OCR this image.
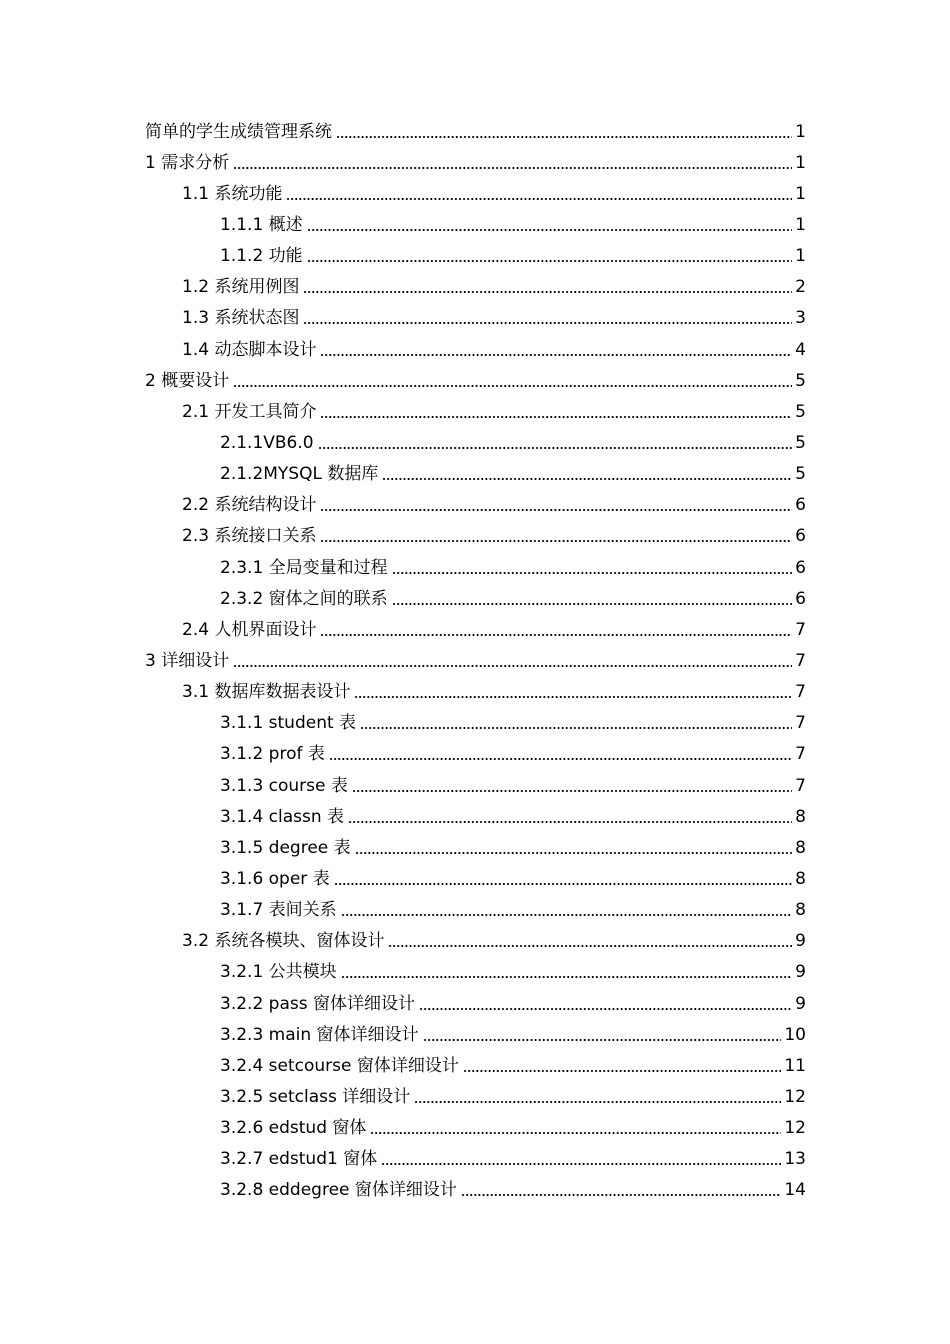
简单的学生成绩管理系统	1
1 需求分析	1
1.1 系统功能	1
1.1.1 概述	1
1.1.2 功能	1
1.2 系统用例图	2
1.3 系统状态图	3
1.4 动态脚本设计	4
2 概要设计	5
2.1 开发工具简介	5
2.1.1VB6.0	5
2.1.2MYSQL 数据库	5
2.2 系统结构设计	6
2.3 系统接口关系	6
2.3.1 全局变量和过程	6
2.3.2 窗体之间的联系	6
2.4 人机界面设计	7
3 详细设计	7
3.1 数据库数据表设计	7
3.1.1 student 表	7
3.1.2 prof 表	7
3.1.3 course 表	7
3.1.4 classn 表	8
3.1.5 degree 表	8
3.1.6 oper 表	8
3.1.7 表间关系	8
3.2 系统各模块、窗体设计	9
3.2.1 公共模块	9
3.2.2 pass 窗体详细设计	9
3.2.3 main 窗体详细设计	10
3.2.4 setcourse 窗体详细设计	11
3.2.5 setclass 详细设计	12
3.2.6 edstud 窗体	12
3.2.7 edstud1 窗体	13
3.2.8 eddegree 窗体详细设计	14
